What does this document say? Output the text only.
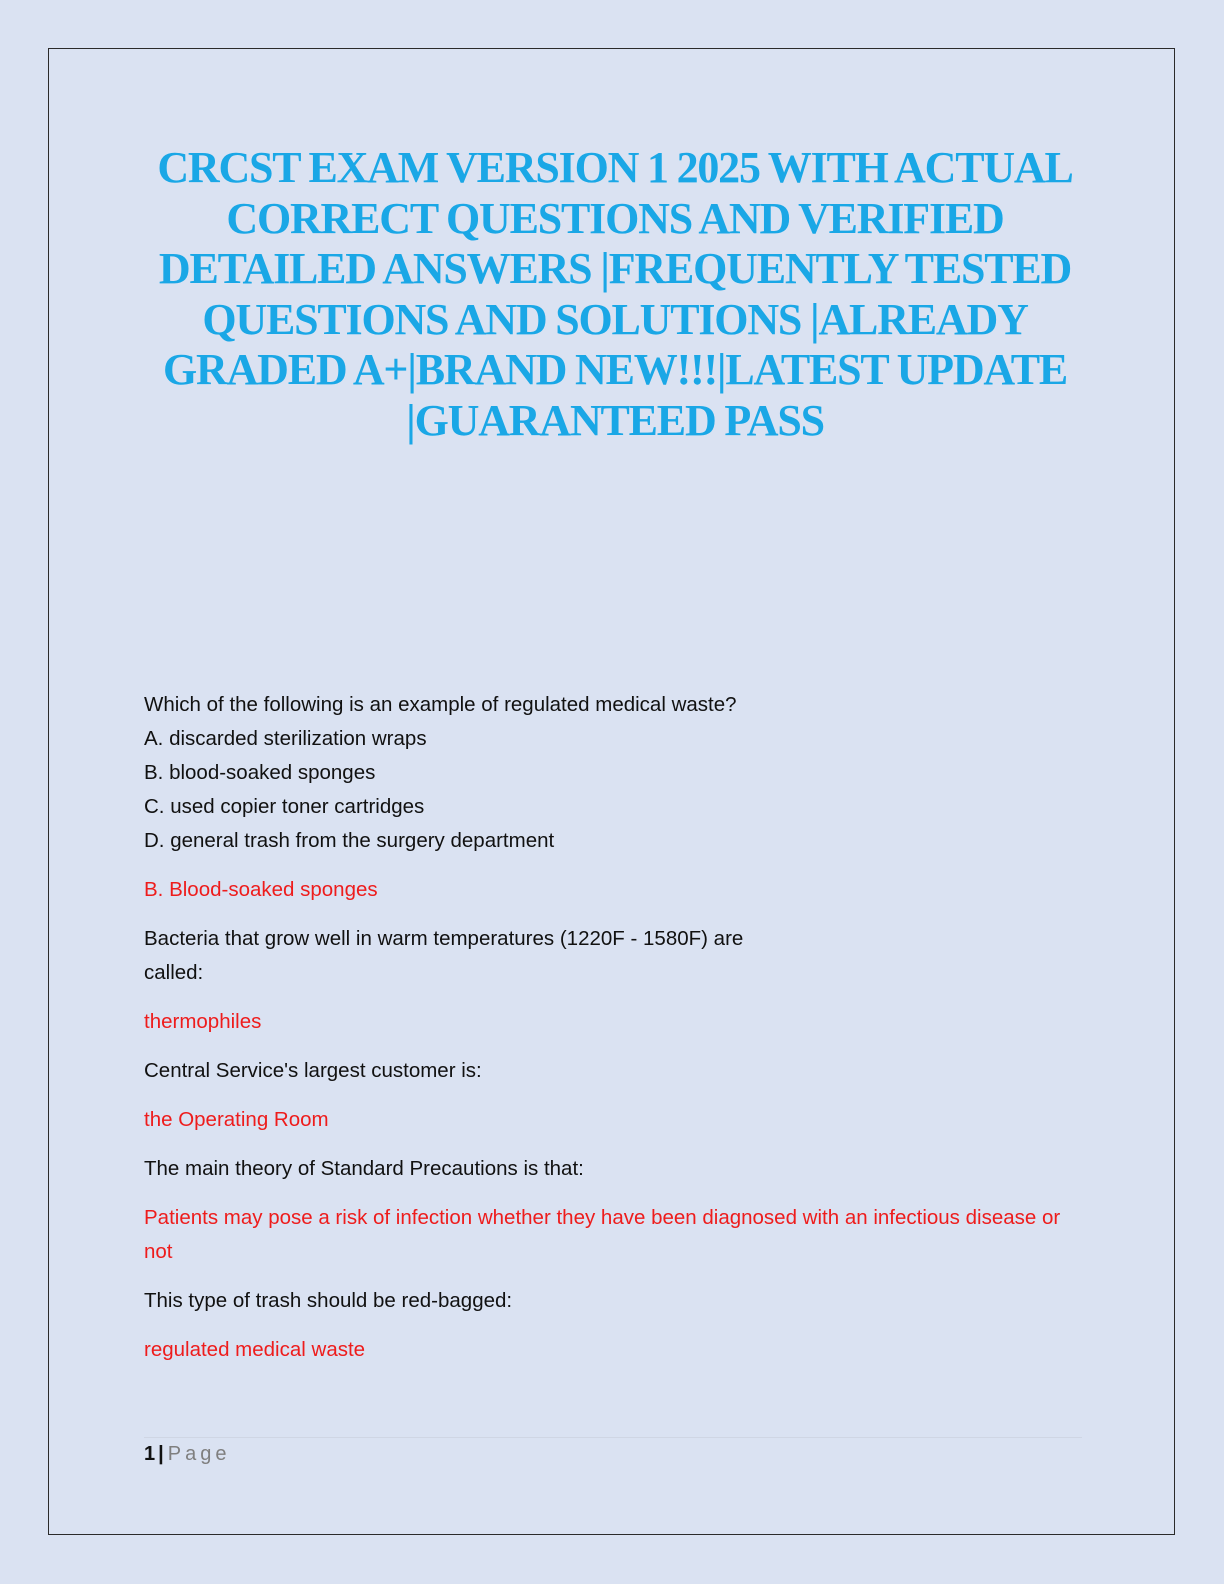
CRCST EXAM VERSION 1 2025 WITH ACTUAL CORRECT QUESTIONS AND VERIFIED DETAILED ANSWERS |FREQUENTLY TESTED QUESTIONS AND SOLUTIONS |ALREADY GRADED A+|BRAND NEW!!!|LATEST UPDATE |GUARANTEED PASS

Which of the following is an example of regulated medical waste?

A. discarded sterilization wraps

B. blood-soaked sponges

C. used copier toner cartridges

D. general trash from the surgery department

B. Blood-soaked sponges

Bacteria that grow well in warm temperatures (1220F - 1580F) are called:

thermophiles

Central Service's largest customer is:

the Operating Room

The main theory of Standard Precautions is that:

Patients may pose a risk of infection whether they have been diagnosed with an infectious disease or not

This type of trash should be red-bagged:

regulated medical waste

1 | Page
